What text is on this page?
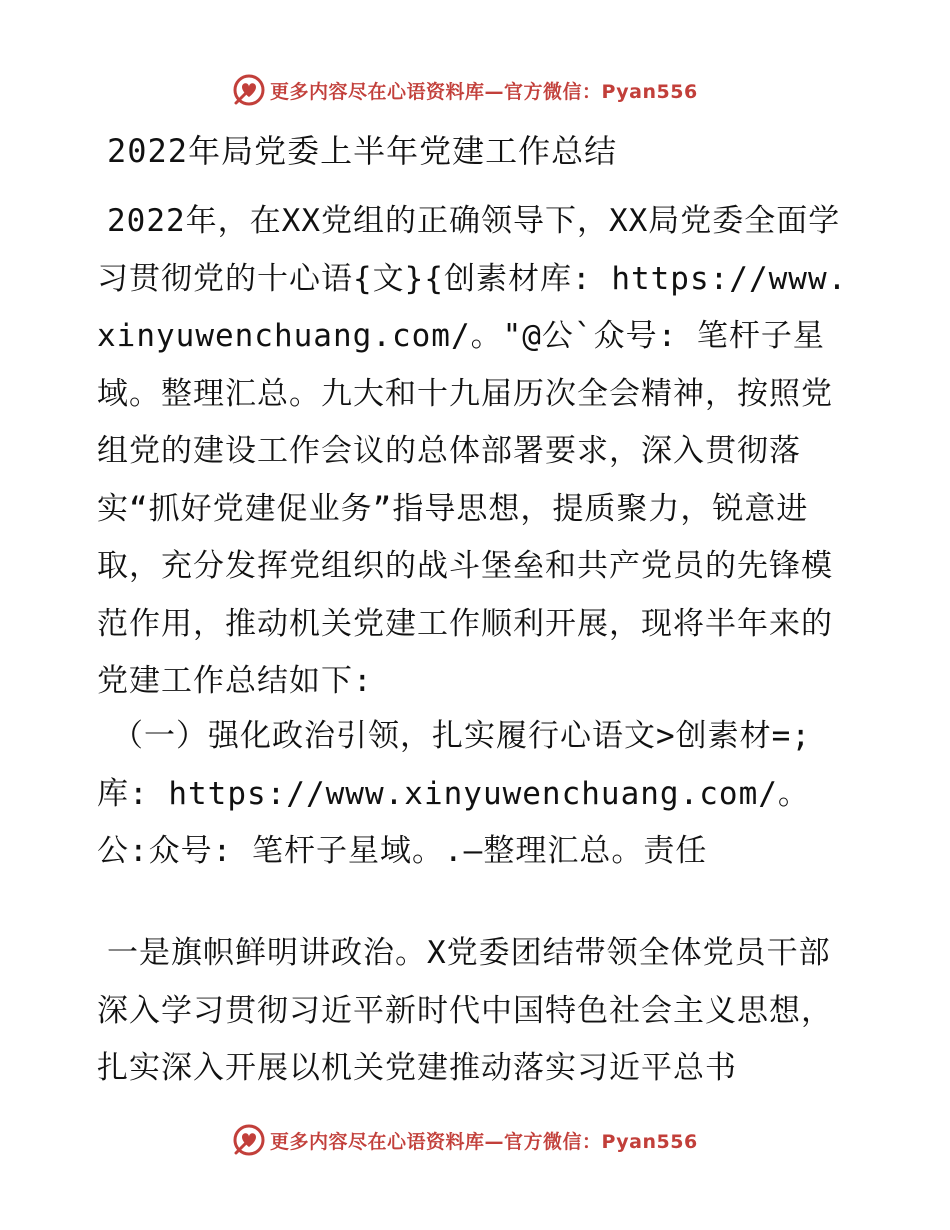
更多内容尽在心语资料库—官方微信：Pyan556
2022年局党委上半年党建工作总结
2022年，在XX党组的正确领导下，XX局党委全面学习贯彻党的十心语{文}{创素材库: https://www.xinyuwenchuang.com/。"@公`众号: 笔杆子星域。整理汇总。九大和十九届历次全会精神，按照党组党的建设工作会议的总体部署要求，深入贯彻落实“抓好党建促业务”指导思想，提质聚力，锐意进取，充分发挥党组织的战斗堡垒和共产党员的先锋模范作用，推动机关党建工作顺利开展，现将半年来的党建工作总结如下:
（一）强化政治引领，扎实履行心语文>创素材=;库: https://www.xinyuwenchuang.com/。公:众号: 笔杆子星域。.—整理汇总。责任
一是旗帜鲜明讲政治。X党委团结带领全体党员干部深入学习贯彻习近平新时代中国特色社会主义思想，扎实深入开展以机关党建推动落实习近平总书
更多内容尽在心语资料库—官方微信：Pyan556
